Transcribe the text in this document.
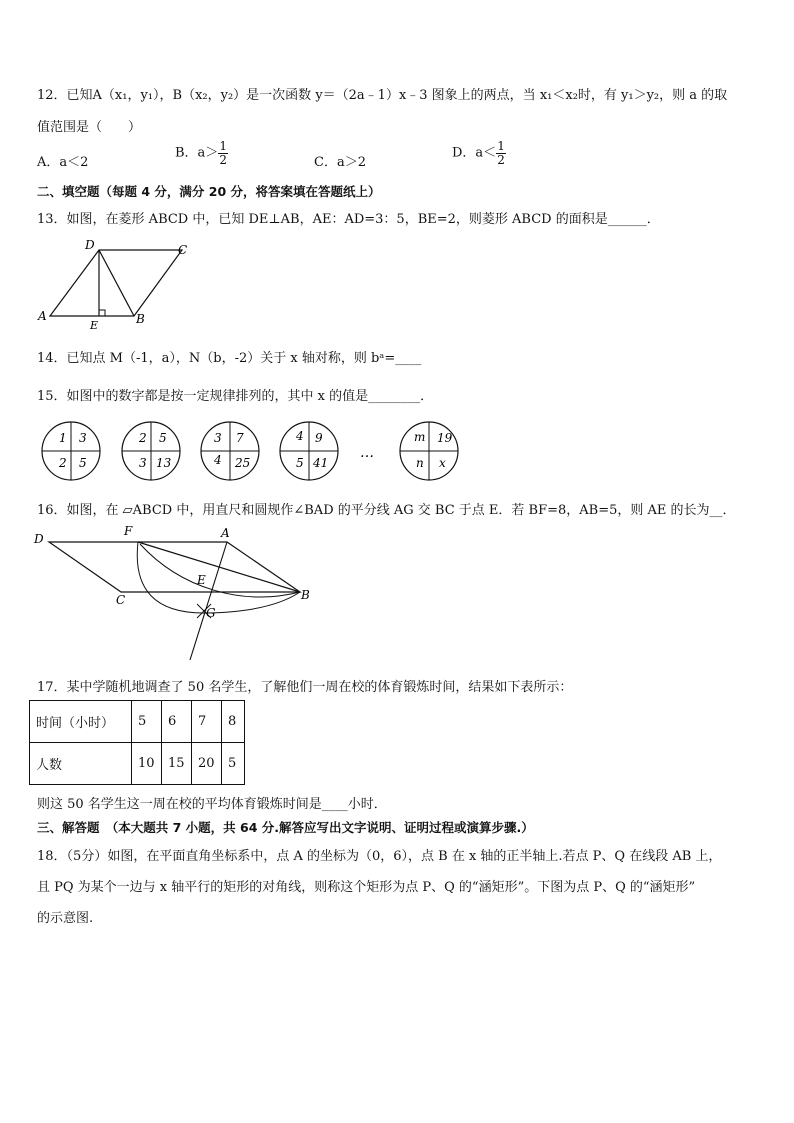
12．已知A（x₁，y₁），B（x₂，y₂）是一次函数 y＝（2a﹣1）x﹣3 图象上的两点，当 x₁＜x₂时，有 y₁＞y₂，则 a 的取
值范围是（　　）
A．a＜2
B．$a> \frac{1}{2}$	C．a＞2
D．$a< \frac{1}{2}$
二、填空题（每题 4 分，满分 20 分，将答案填在答题纸上）
13．如图，在菱形 ABCD 中，已知 DE⊥AB，AE：AD=3：5，BE=2，则菱形 ABCD 的面积是______．
D	C
A
E	B
14．已知点 M（-1，a），N（b，-2）关于 x 轴对称，则 bᵃ=____
15．如图中的数字都是按一定规律排列的，其中 x 的值是________．
1 3
2 5
2 5
3 13
3 7
4 25
4 9
5 41
…
m 19
n x
16．如图，在 ▱ABCD 中，用直尺和圆规作∠BAD 的平分线 AG 交 BC 于点 E．若 BF=8，AB=5，则 AE 的长为__．
D
F	A
E
C	B
G
17．某中学随机地调查了 50 名学生，了解他们一周在校的体育锻炼时间，结果如下表所示：
时间（小时）	5	6	7	8
人数	10	15	20	5
则这 50 名学生这一周在校的平均体育锻炼时间是____小时．
三、解答题　（本大题共 7 小题，共 64 分.解答应写出文字说明、证明过程或演算步骤.）
18．（5分）如图，在平面直角坐标系中，点 A 的坐标为（0，6），点 B 在 x 轴的正半轴上.若点 P、Q 在线段 AB 上，
且 PQ 为某个一边与 x 轴平行的矩形的对角线，则称这个矩形为点 P、Q 的“涵矩形”。下图为点 P、Q 的“涵矩形”
的示意图.
